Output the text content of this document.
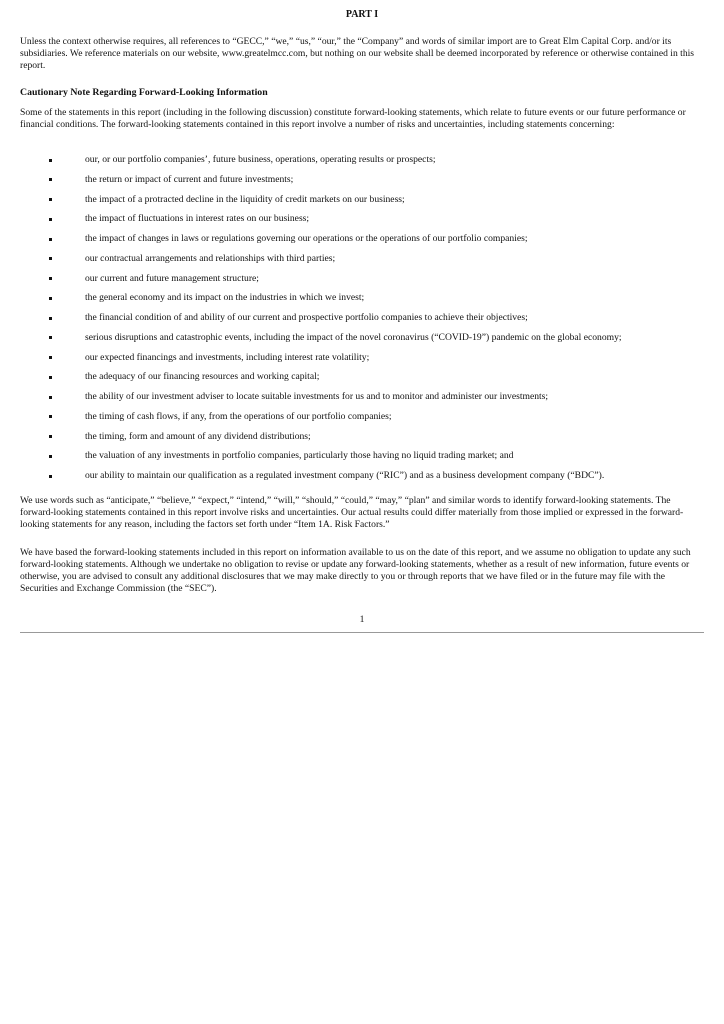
PART I

Unless the context otherwise requires, all references to “GECC,” “we,” “us,” “our,” the “Company” and words of similar import are to Great Elm Capital Corp. and/or its subsidiaries. We reference materials on our website, www.greatelmcc.com, but nothing on our website shall be deemed incorporated by reference or otherwise contained in this report.

Cautionary Note Regarding Forward-Looking Information

Some of the statements in this report (including in the following discussion) constitute forward-looking statements, which relate to future events or our future performance or financial conditions. The forward-looking statements contained in this report involve a number of risks and uncertainties, including statements concerning:

our, or our portfolio companies’, future business, operations, operating results or prospects;
the return or impact of current and future investments;
the impact of a protracted decline in the liquidity of credit markets on our business;
the impact of fluctuations in interest rates on our business;
the impact of changes in laws or regulations governing our operations or the operations of our portfolio companies;
our contractual arrangements and relationships with third parties;
our current and future management structure;
the general economy and its impact on the industries in which we invest;
the financial condition of and ability of our current and prospective portfolio companies to achieve their objectives;
serious disruptions and catastrophic events, including the impact of the novel coronavirus (“COVID-19”) pandemic on the global economy;
our expected financings and investments, including interest rate volatility;
the adequacy of our financing resources and working capital;
the ability of our investment adviser to locate suitable investments for us and to monitor and administer our investments;
the timing of cash flows, if any, from the operations of our portfolio companies;
the timing, form and amount of any dividend distributions;
the valuation of any investments in portfolio companies, particularly those having no liquid trading market; and
our ability to maintain our qualification as a regulated investment company (“RIC”) and as a business development company (“BDC”).

We use words such as “anticipate,” “believe,” “expect,” “intend,” “will,” “should,” “could,” “may,” “plan” and similar words to identify forward-looking statements. The forward-looking statements contained in this report involve risks and uncertainties. Our actual results could differ materially from those implied or expressed in the forward-looking statements for any reason, including the factors set forth under “Item 1A. Risk Factors.”

We have based the forward-looking statements included in this report on information available to us on the date of this report, and we assume no obligation to update any such forward-looking statements. Although we undertake no obligation to revise or update any forward-looking statements, whether as a result of new information, future events or otherwise, you are advised to consult any additional disclosures that we may make directly to you or through reports that we have filed or in the future may file with the Securities and Exchange Commission (the “SEC”).

1
